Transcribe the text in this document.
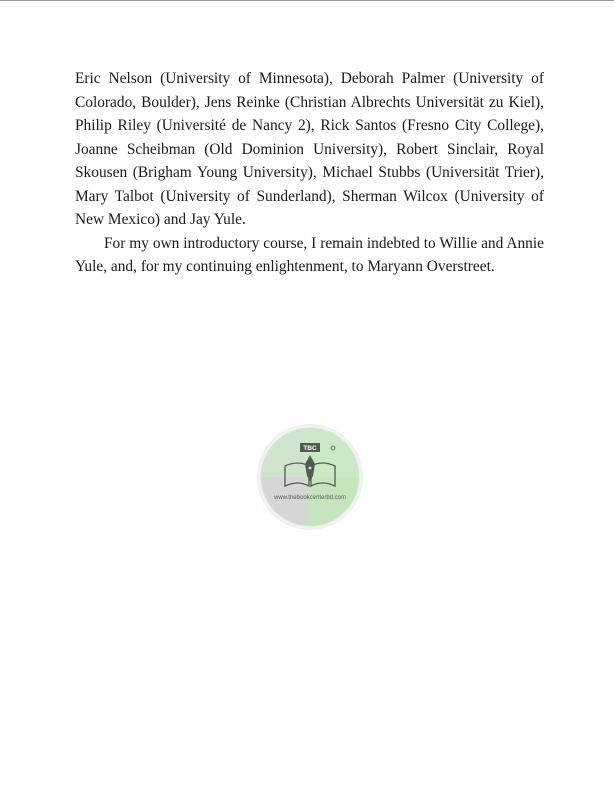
Eric Nelson (University of Minnesota), Deborah Palmer (University of Colorado, Boulder), Jens Reinke (Christian Albrechts Universität zu Kiel), Philip Riley (Université de Nancy 2), Rick Santos (Fresno City College), Joanne Scheibman (Old Dominion University), Robert Sinclair, Royal Skousen (Brigham Young University), Michael Stubbs (Universität Trier), Mary Talbot (University of Sunderland), Sherman Wilcox (University of New Mexico) and Jay Yule.

For my own introductory course, I remain indebted to Willie and Annie Yule, and, for my continuing enlightenment, to Maryann Overstreet.

TBC
www.thebookcenterbd.com
